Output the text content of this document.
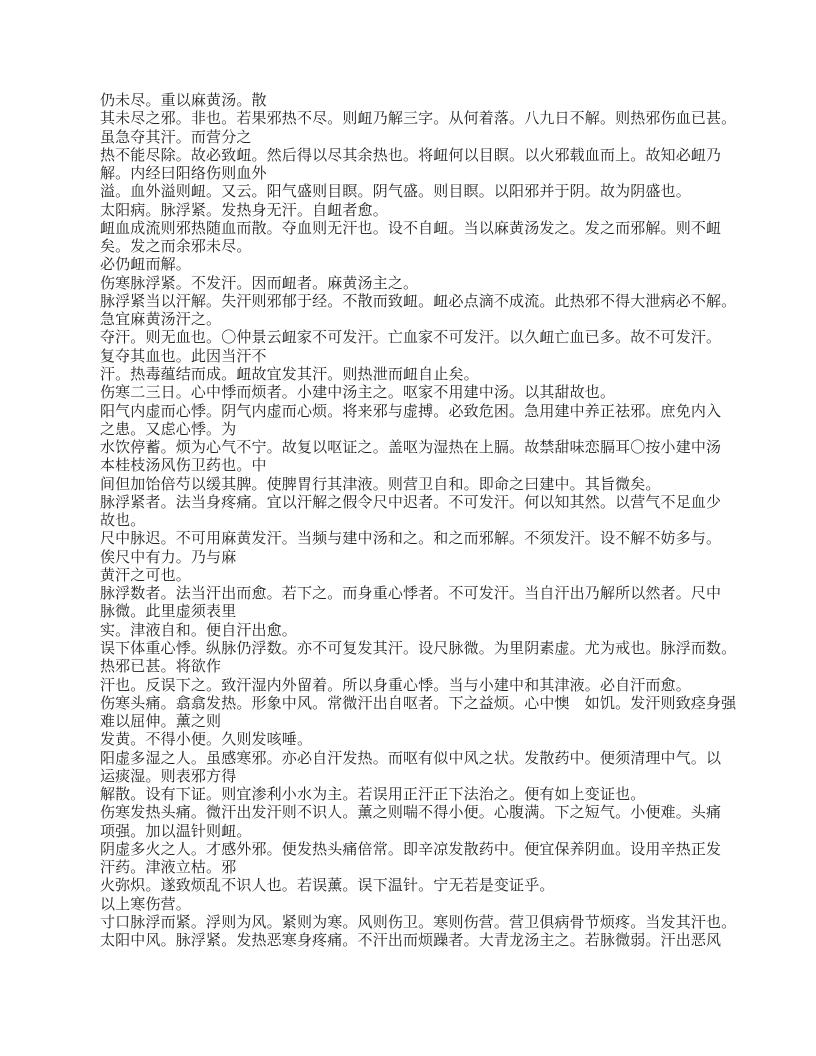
仍未尽。重以麻黄汤。散
其未尽之邪。非也。若果邪热不尽。则衄乃解三字。从何着落。八九日不解。则热邪伤血已甚。
虽急夺其汗。而营分之
热不能尽除。故必致衄。然后得以尽其余热也。将衄何以目瞑。以火邪载血而上。故知必衄乃
解。内经曰阳络伤则血外
溢。血外溢则衄。又云。阳气盛则目瞑。阴气盛。则目瞑。以阳邪并于阴。故为阴盛也。
太阳病。脉浮紧。发热身无汗。自衄者愈。
衄血成流则邪热随血而散。夺血则无汗也。设不自衄。当以麻黄汤发之。发之而邪解。则不衄
矣。发之而余邪未尽。
必仍衄而解。
伤寒脉浮紧。不发汗。因而衄者。麻黄汤主之。
脉浮紧当以汗解。失汗则邪郁于经。不散而致衄。衄必点滴不成流。此热邪不得大泄病必不解。
急宜麻黄汤汗之。
夺汗。则无血也。〇仲景云衄家不可发汗。亡血家不可发汗。以久衄亡血已多。故不可发汗。
复夺其血也。此因当汗不
汗。热毒蕴结而成。衄故宜发其汗。则热泄而衄自止矣。
伤寒二三日。心中悸而烦者。小建中汤主之。呕家不用建中汤。以其甜故也。
阳气内虚而心悸。阴气内虚而心烦。将来邪与虚搏。必致危困。急用建中养正祛邪。庶免内入
之患。又虑心悸。为
水饮停蓄。烦为心气不宁。故复以呕证之。盖呕为湿热在上膈。故禁甜味恋膈耳〇按小建中汤
本桂枝汤风伤卫药也。中
间但加饴倍芍以缓其脾。使脾胃行其津液。则营卫自和。即命之曰建中。其旨微矣。
脉浮紧者。法当身疼痛。宜以汗解之假令尺中迟者。不可发汗。何以知其然。以营气不足血少
故也。
尺中脉迟。不可用麻黄发汗。当频与建中汤和之。和之而邪解。不须发汗。设不解不妨多与。
俟尺中有力。乃与麻
黄汗之可也。
脉浮数者。法当汗出而愈。若下之。而身重心悸者。不可发汗。当自汗出乃解所以然者。尺中
脉微。此里虚须表里
实。津液自和。便自汗出愈。
误下体重心悸。纵脉仍浮数。亦不可复发其汗。设尺脉微。为里阴素虚。尤为戒也。脉浮而数。
热邪已甚。将欲作
汗也。反误下之。致汗湿内外留着。所以身重心悸。当与小建中和其津液。必自汗而愈。
伤寒头痛。翕翕发热。形象中风。常微汗出自呕者。下之益烦。心中懊　如饥。发汗则致痉身强
难以屈伸。薰之则
发黄。不得小便。久则发咳唾。
阳虚多湿之人。虽感寒邪。亦必自汗发热。而呕有似中风之状。发散药中。便须清理中气。以
运痰湿。则表邪方得
解散。设有下证。则宜渗利小水为主。若误用正汗正下法治之。便有如上变证也。
伤寒发热头痛。微汗出发汗则不识人。薰之则喘不得小便。心腹满。下之短气。小便难。头痛
项强。加以温针则衄。
阴虚多火之人。才感外邪。便发热头痛倍常。即辛凉发散药中。便宜保养阴血。设用辛热正发
汗药。津液立枯。邪
火弥炽。遂致烦乱不识人也。若误薰。误下温针。宁无若是变证乎。
以上寒伤营。
寸口脉浮而紧。浮则为风。紧则为寒。风则伤卫。寒则伤营。营卫俱病骨节烦疼。当发其汗也。
太阳中风。脉浮紧。发热恶寒身疼痛。不汗出而烦躁者。大青龙汤主之。若脉微弱。汗出恶风
